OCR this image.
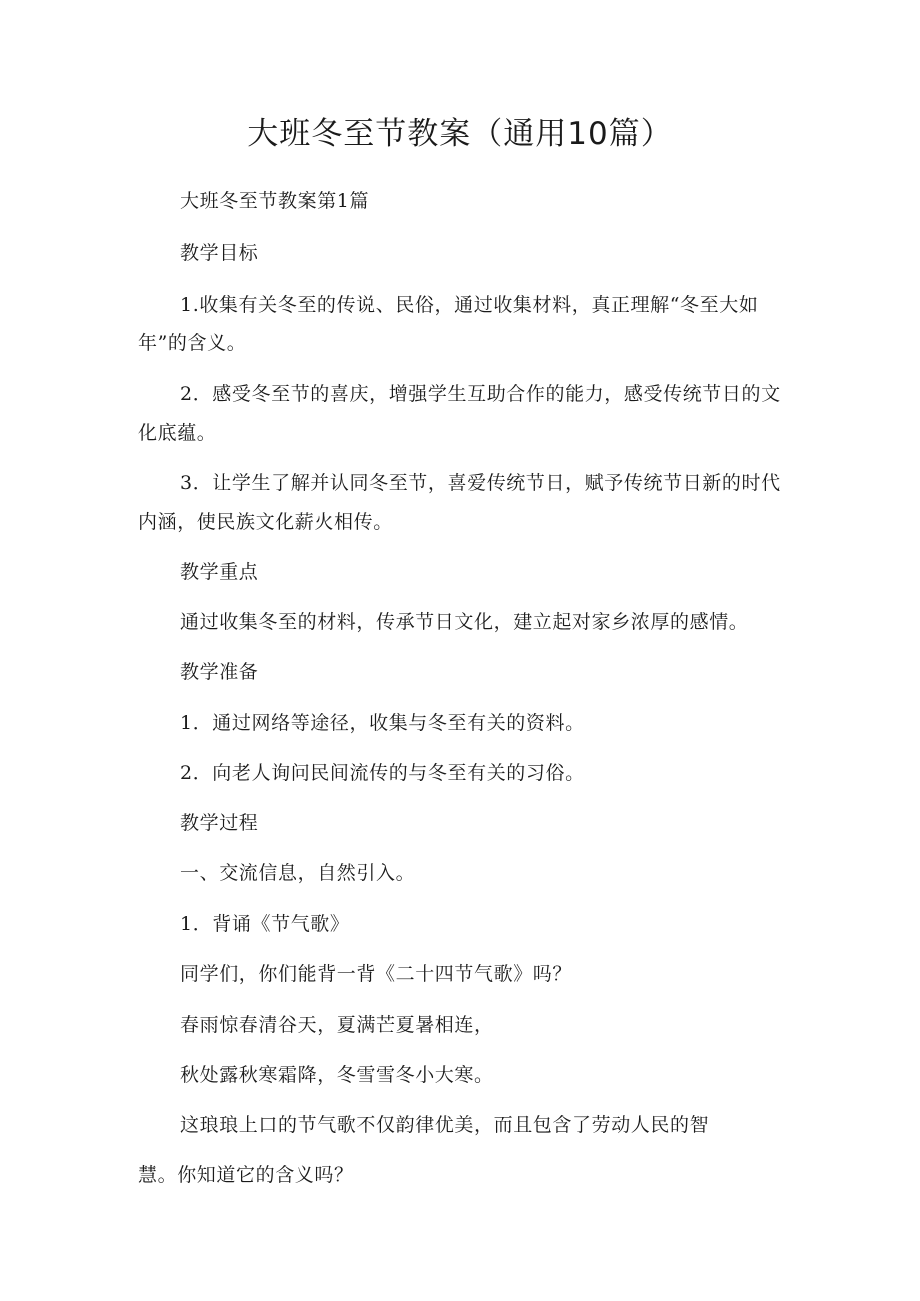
大班冬至节教案（通用10篇）

大班冬至节教案第1篇

教学目标

1.收集有关冬至的传说、民俗，通过收集材料，真正理解“冬至大如

年”的含义。

2．感受冬至节的喜庆，增强学生互助合作的能力，感受传统节日的文

化底蕴。

3．让学生了解并认同冬至节，喜爱传统节日，赋予传统节日新的时代

内涵，使民族文化薪火相传。

教学重点

通过收集冬至的材料，传承节日文化，建立起对家乡浓厚的感情。

教学准备

1．通过网络等途径，收集与冬至有关的资料。

2．向老人询问民间流传的与冬至有关的习俗。

教学过程

一、交流信息，自然引入。

1．背诵《节气歌》

同学们，你们能背一背《二十四节气歌》吗？

春雨惊春清谷天，夏满芒夏暑相连，

秋处露秋寒霜降，冬雪雪冬小大寒。

这琅琅上口的节气歌不仅韵律优美，而且包含了劳动人民的智

慧。你知道它的含义吗？
